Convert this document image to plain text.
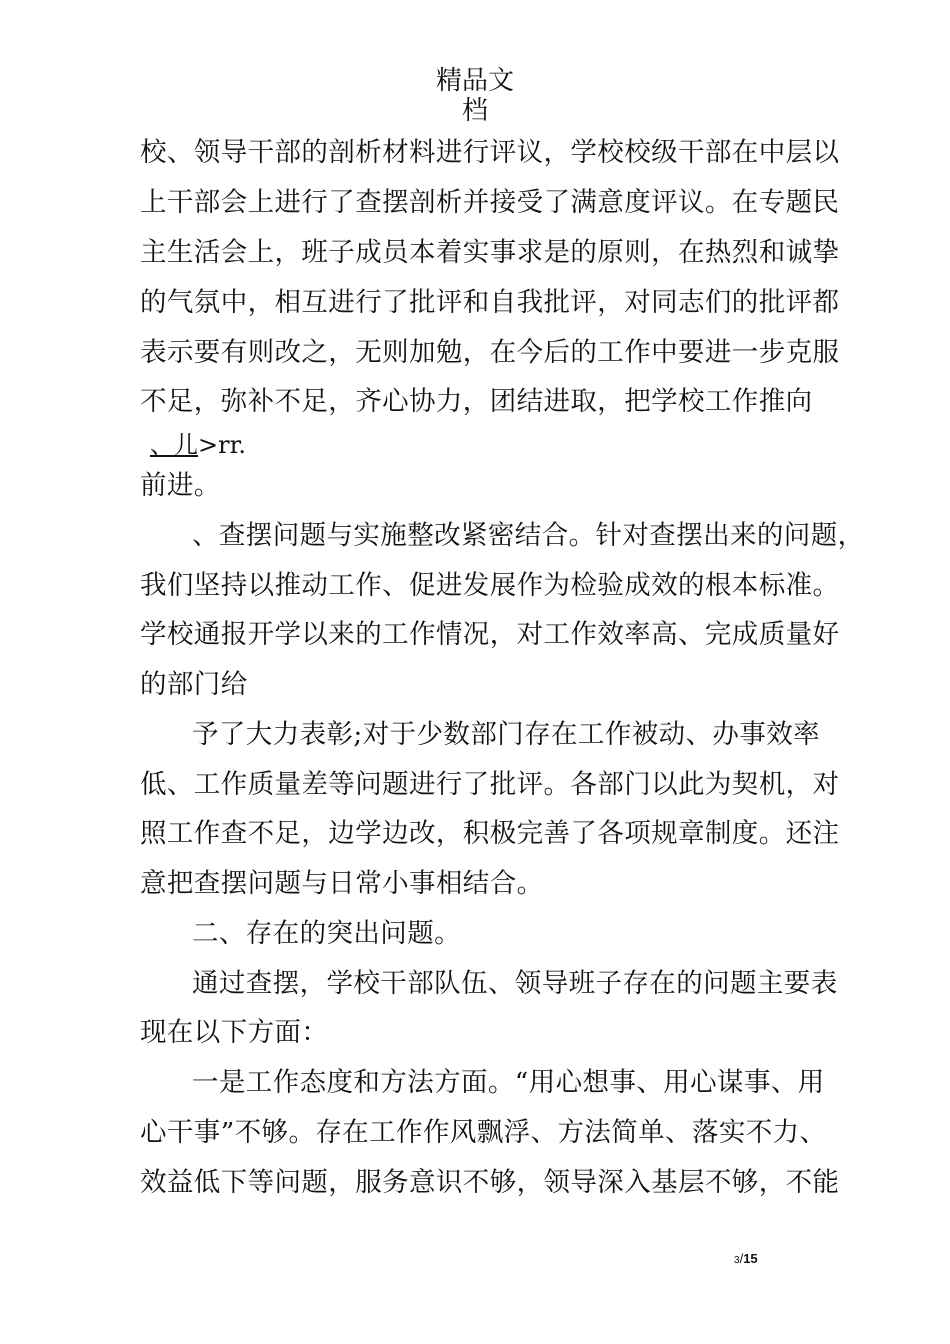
精品文
档
校、领导干部的剖析材料进行评议，学校校级干部在中层以
上干部会上进行了查摆剖析并接受了满意度评议。在专题民
主生活会上，班子成员本着实事求是的原则，在热烈和诚挚
的气氛中，相互进行了批评和自我批评，对同志们的批评都
表示要有则改之，无则加勉，在今后的工作中要进一步克服
不足，弥补不足，齐心协力，团结进取，把学校工作推向
、儿>rr.
前进。
、查摆问题与实施整改紧密结合。针对查摆出来的问题，
我们坚持以推动工作、促进发展作为检验成效的根本标准。
学校通报开学以来的工作情况，对工作效率高、完成质量好
的部门给
予了大力表彰;对于少数部门存在工作被动、办事效率
低、工作质量差等问题进行了批评。各部门以此为契机，对
照工作查不足，边学边改，积极完善了各项规章制度。还注
意把查摆问题与日常小事相结合。
二、存在的突出问题。
通过查摆，学校干部队伍、领导班子存在的问题主要表
现在以下方面：
一是工作态度和方法方面。“用心想事、用心谋事、用
心干事”不够。存在工作作风飘浮、方法简单、落实不力、
效益低下等问题，服务意识不够，领导深入基层不够，不能
3/15
